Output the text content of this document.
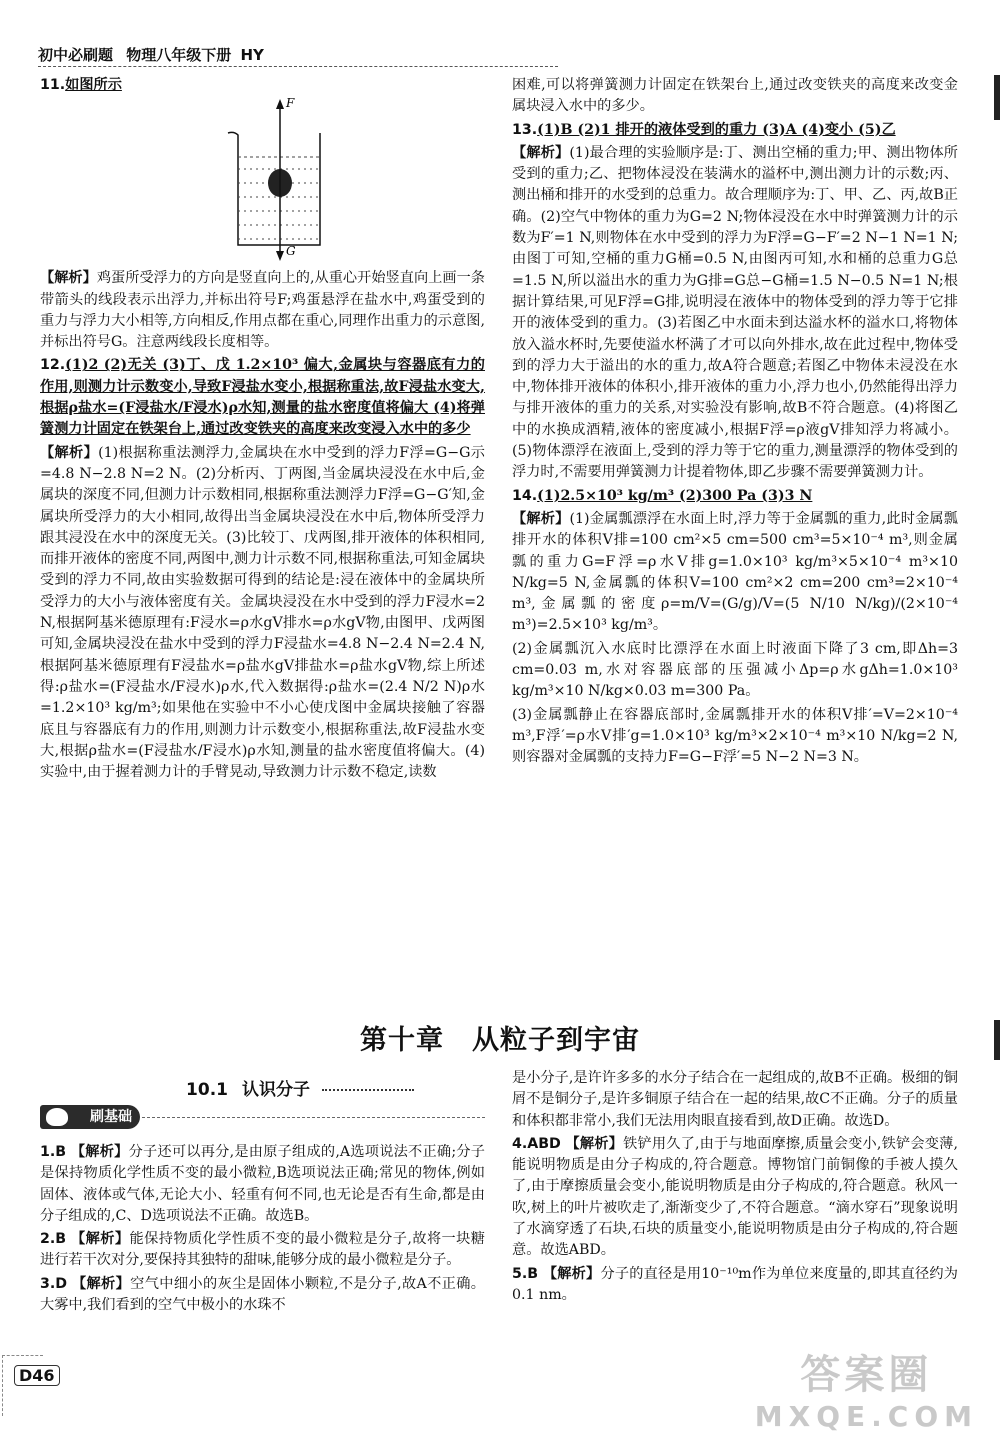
初中必刷题 物理八年级下册 HY
F
G

11.如图所示

【解析】鸡蛋所受浮力的方向是竖直向上的,从重心开始竖直向上画一条带箭头的线段表示出浮力,并标出符号F;鸡蛋悬浮在盐水中,鸡蛋受到的重力与浮力大小相等,方向相反,作用点都在重心,同理作出重力的示意图,并标出符号G。注意两线段长度相等。

12.(1)2 (2)无关 (3)丁、戊 1.2×10³ 偏大,金属块与容器底有力的作用,则测力计示数变小,导致F浸盐水变小,根据称重法,故F浸盐水变大,根据ρ盐水=(F浸盐水/F浸水)ρ水知,测量的盐水密度值将偏大 (4)将弹簧测力计固定在铁架台上,通过改变铁夹的高度来改变浸入水中的多少

【解析】(1)根据称重法测浮力,金属块在水中受到的浮力F浮=G−G示=4.8 N−2.8 N=2 N。(2)分析丙、丁两图,当金属块浸没在水中后,金属块的深度不同,但测力计示数相同,根据称重法测浮力F浮=G−G′知,金属块所受浮力的大小相同,故得出当金属块浸没在水中后,物体所受浮力跟其浸没在水中的深度无关。(3)比较丁、戊两图,排开液体的体积相同,而排开液体的密度不同,两图中,测力计示数不同,根据称重法,可知金属块受到的浮力不同,故由实验数据可得到的结论是:浸在液体中的金属块所受浮力的大小与液体密度有关。金属块浸没在水中受到的浮力F浸水=2 N,根据阿基米德原理有:F浸水=ρ水gV排水=ρ水gV物,由图甲、戊两图可知,金属块浸没在盐水中受到的浮力F浸盐水=4.8 N−2.4 N=2.4 N,根据阿基米德原理有F浸盐水=ρ盐水gV排盐水=ρ盐水gV物,综上所述得:ρ盐水=(F浸盐水/F浸水)ρ水,代入数据得:ρ盐水=(2.4 N/2 N)ρ水=1.2×10³ kg/m³;如果他在实验中不小心使戊图中金属块接触了容器底且与容器底有力的作用,则测力计示数变小,根据称重法,故F浸盐水变大,根据ρ盐水=(F浸盐水/F浸水)ρ水知,测量的盐水密度值将偏大。(4)实验中,由于握着测力计的手臂晃动,导致测力计示数不稳定,读数

困难,可以将弹簧测力计固定在铁架台上,通过改变铁夹的高度来改变金属块浸入水中的多少。

13.(1)B (2)1 排开的液体受到的重力 (3)A (4)变小 (5)乙

【解析】(1)最合理的实验顺序是:丁、测出空桶的重力;甲、测出物体所受到的重力;乙、把物体浸没在装满水的溢杯中,测出测力计的示数;丙、测出桶和排开的水受到的总重力。故合理顺序为:丁、甲、乙、丙,故B正确。(2)空气中物体的重力为G=2 N;物体浸没在水中时弹簧测力计的示数为F′=1 N,则物体在水中受到的浮力为F浮=G−F′=2 N−1 N=1 N;由图丁可知,空桶的重力G桶=0.5 N,由图丙可知,水和桶的总重力G总=1.5 N,所以溢出水的重力为G排=G总−G桶=1.5 N−0.5 N=1 N;根据计算结果,可见F浮=G排,说明浸在液体中的物体受到的浮力等于它排开的液体受到的重力。(3)若图乙中水面未到达溢水杯的溢水口,将物体放入溢水杯时,先要使溢水杯满了才可以向外排水,故在此过程中,物体受到的浮力大于溢出的水的重力,故A符合题意;若图乙中物体未浸没在水中,物体排开液体的体积小,排开液体的重力小,浮力也小,仍然能得出浮力与排开液体的重力的关系,对实验没有影响,故B不符合题意。(4)将图乙中的水换成酒精,液体的密度减小,根据F浮=ρ液gV排知浮力将减小。(5)物体漂浮在液面上,受到的浮力等于它的重力,测量漂浮的物体受到的浮力时,不需要用弹簧测力计提着物体,即乙步骤不需要弹簧测力计。

14.(1)2.5×10³ kg/m³ (2)300 Pa (3)3 N

【解析】(1)金属瓢漂浮在水面上时,浮力等于金属瓢的重力,此时金属瓢排开水的体积V排=100 cm²×5 cm=500 cm³=5×10⁻⁴ m³,则金属瓢的重力G=F浮=ρ水V排g=1.0×10³ kg/m³×5×10⁻⁴ m³×10 N/kg=5 N,金属瓢的体积V=100 cm²×2 cm=200 cm³=2×10⁻⁴ m³,金属瓢的密度ρ=m/V=(G/g)/V=(5 N/10 N/kg)/(2×10⁻⁴ m³)=2.5×10³ kg/m³。

(2)金属瓢沉入水底时比漂浮在水面上时液面下降了3 cm,即Δh=3 cm=0.03 m,水对容器底部的压强减小Δp=ρ水gΔh=1.0×10³ kg/m³×10 N/kg×0.03 m=300 Pa。

(3)金属瓢静止在容器底部时,金属瓢排开水的体积V排′=V=2×10⁻⁴ m³,F浮′=ρ水V排′g=1.0×10³ kg/m³×2×10⁻⁴ m³×10 N/kg=2 N,则容器对金属瓢的支持力F=G−F浮′=5 N−2 N=3 N。

第十章　从粒子到宇宙
10.1 认识分子
刷基础

1.B 【解析】分子还可以再分,是由原子组成的,A选项说法不正确;分子是保持物质化学性质不变的最小微粒,B选项说法正确;常见的物体,例如固体、液体或气体,无论大小、轻重有何不同,也无论是否有生命,都是由分子组成的,C、D选项说法不正确。故选B。

2.B 【解析】能保持物质化学性质不变的最小微粒是分子,故将一块糖进行若干次对分,要保持其独特的甜味,能够分成的最小微粒是分子。

3.D 【解析】空气中细小的灰尘是固体小颗粒,不是分子,故A不正确。大雾中,我们看到的空气中极小的水珠不

是小分子,是许许多多的水分子结合在一起组成的,故B不正确。极细的铜屑不是铜分子,是许多铜原子结合在一起的结果,故C不正确。分子的质量和体积都非常小,我们无法用肉眼直接看到,故D正确。故选D。

4.ABD 【解析】铁铲用久了,由于与地面摩擦,质量会变小,铁铲会变薄,能说明物质是由分子构成的,符合题意。博物馆门前铜像的手被人摸久了,由于摩擦质量会变小,能说明物质是由分子构成的,符合题意。秋风一吹,树上的叶片被吹走了,渐渐变少了,不符合题意。“滴水穿石”现象说明了水滴穿透了石块,石块的质量变小,能说明物质是由分子构成的,符合题意。故选ABD。

5.B 【解析】分子的直径是用10⁻¹⁰m作为单位来度量的,即其直径约为0.1 nm。

D46	答案圈
MXQE.COM
